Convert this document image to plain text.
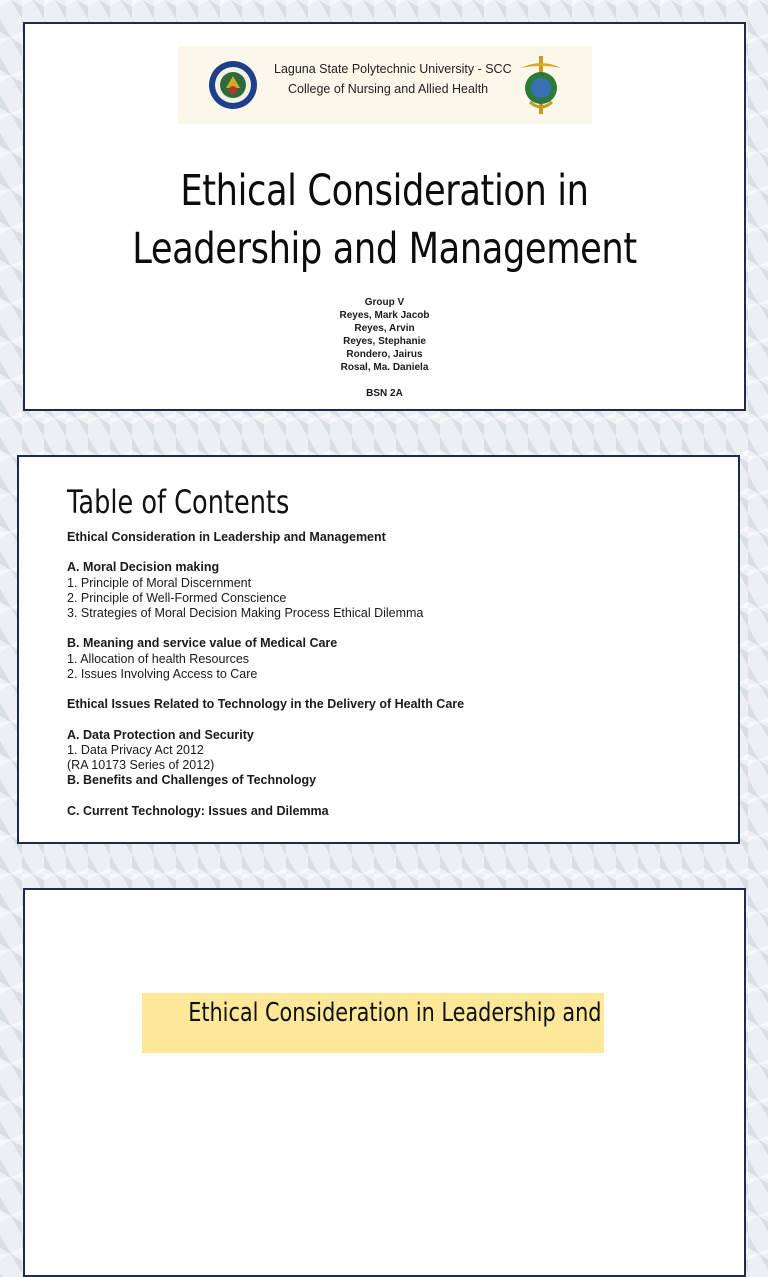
Laguna State Polytechnic University - SCC
College of Nursing and Allied Health
Ethical Consideration in
Leadership and Management
Group V
Reyes, Mark Jacob
Reyes, Arvin
Reyes, Stephanie
Rondero, Jairus
Rosal, Ma. Daniela
BSN 2A
Table of Contents
Ethical Consideration in Leadership and Management
A. Moral Decision making
1. Principle of Moral Discernment
2. Principle of Well-Formed Conscience
3. Strategies of Moral Decision Making Process Ethical Dilemma
B. Meaning and service value of Medical Care
1. Allocation of health Resources
2. Issues Involving Access to Care
Ethical Issues Related to Technology in the Delivery of Health Care
A. Data Protection and Security
1. Data Privacy Act 2012
(RA 10173 Series of 2012)
B. Benefits and Challenges of Technology
C. Current Technology: Issues and Dilemma
Ethical Consideration in Leadership and
